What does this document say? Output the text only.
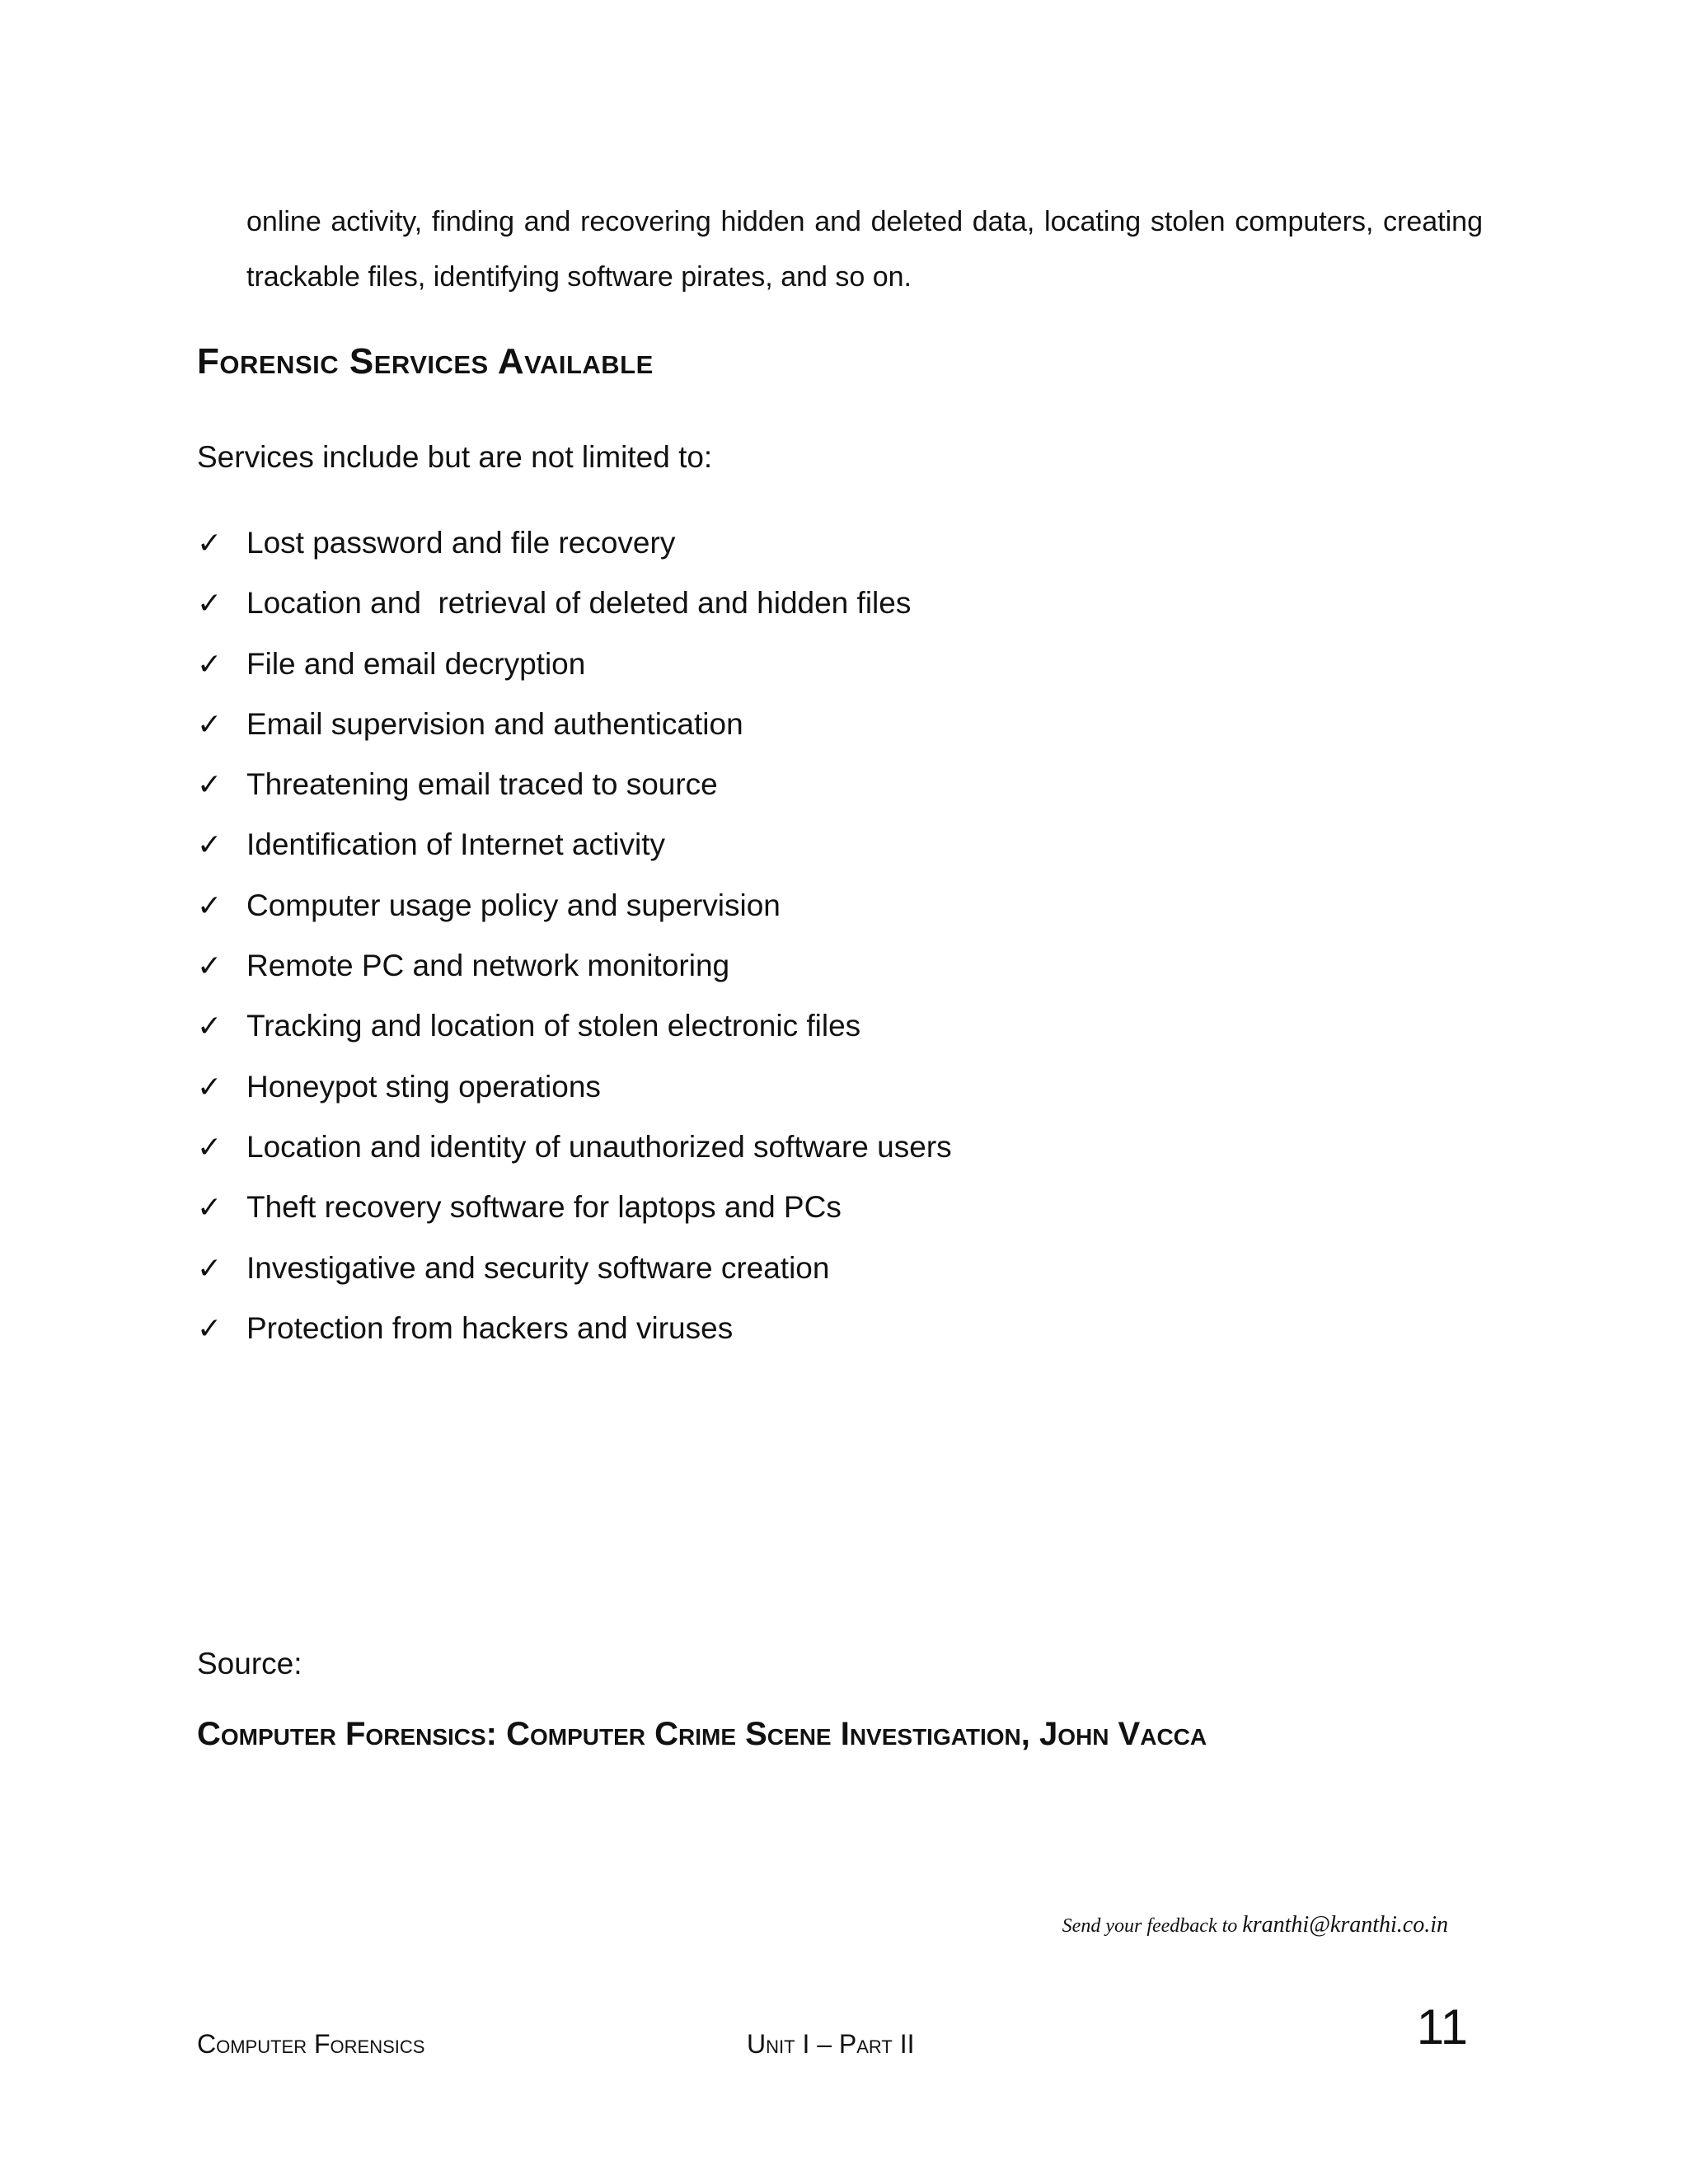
online activity, finding and recovering hidden and deleted data, locating stolen computers, creating trackable files, identifying software pirates, and so on.

Forensic Services Available

Services include but are not limited to:

✓ Lost password and file recovery
✓ Location and  retrieval of deleted and hidden files
✓ File and email decryption
✓ Email supervision and authentication
✓ Threatening email traced to source
✓ Identification of Internet activity
✓ Computer usage policy and supervision
✓ Remote PC and network monitoring
✓ Tracking and location of stolen electronic files
✓ Honeypot sting operations
✓ Location and identity of unauthorized software users
✓ Theft recovery software for laptops and PCs
✓ Investigative and security software creation
✓ Protection from hackers and viruses

Source:

Computer Forensics: Computer Crime Scene Investigation, John Vacca

Send your feedback to kranthi@kranthi.co.in

Computer Forensics	Unit I – Part II	11
